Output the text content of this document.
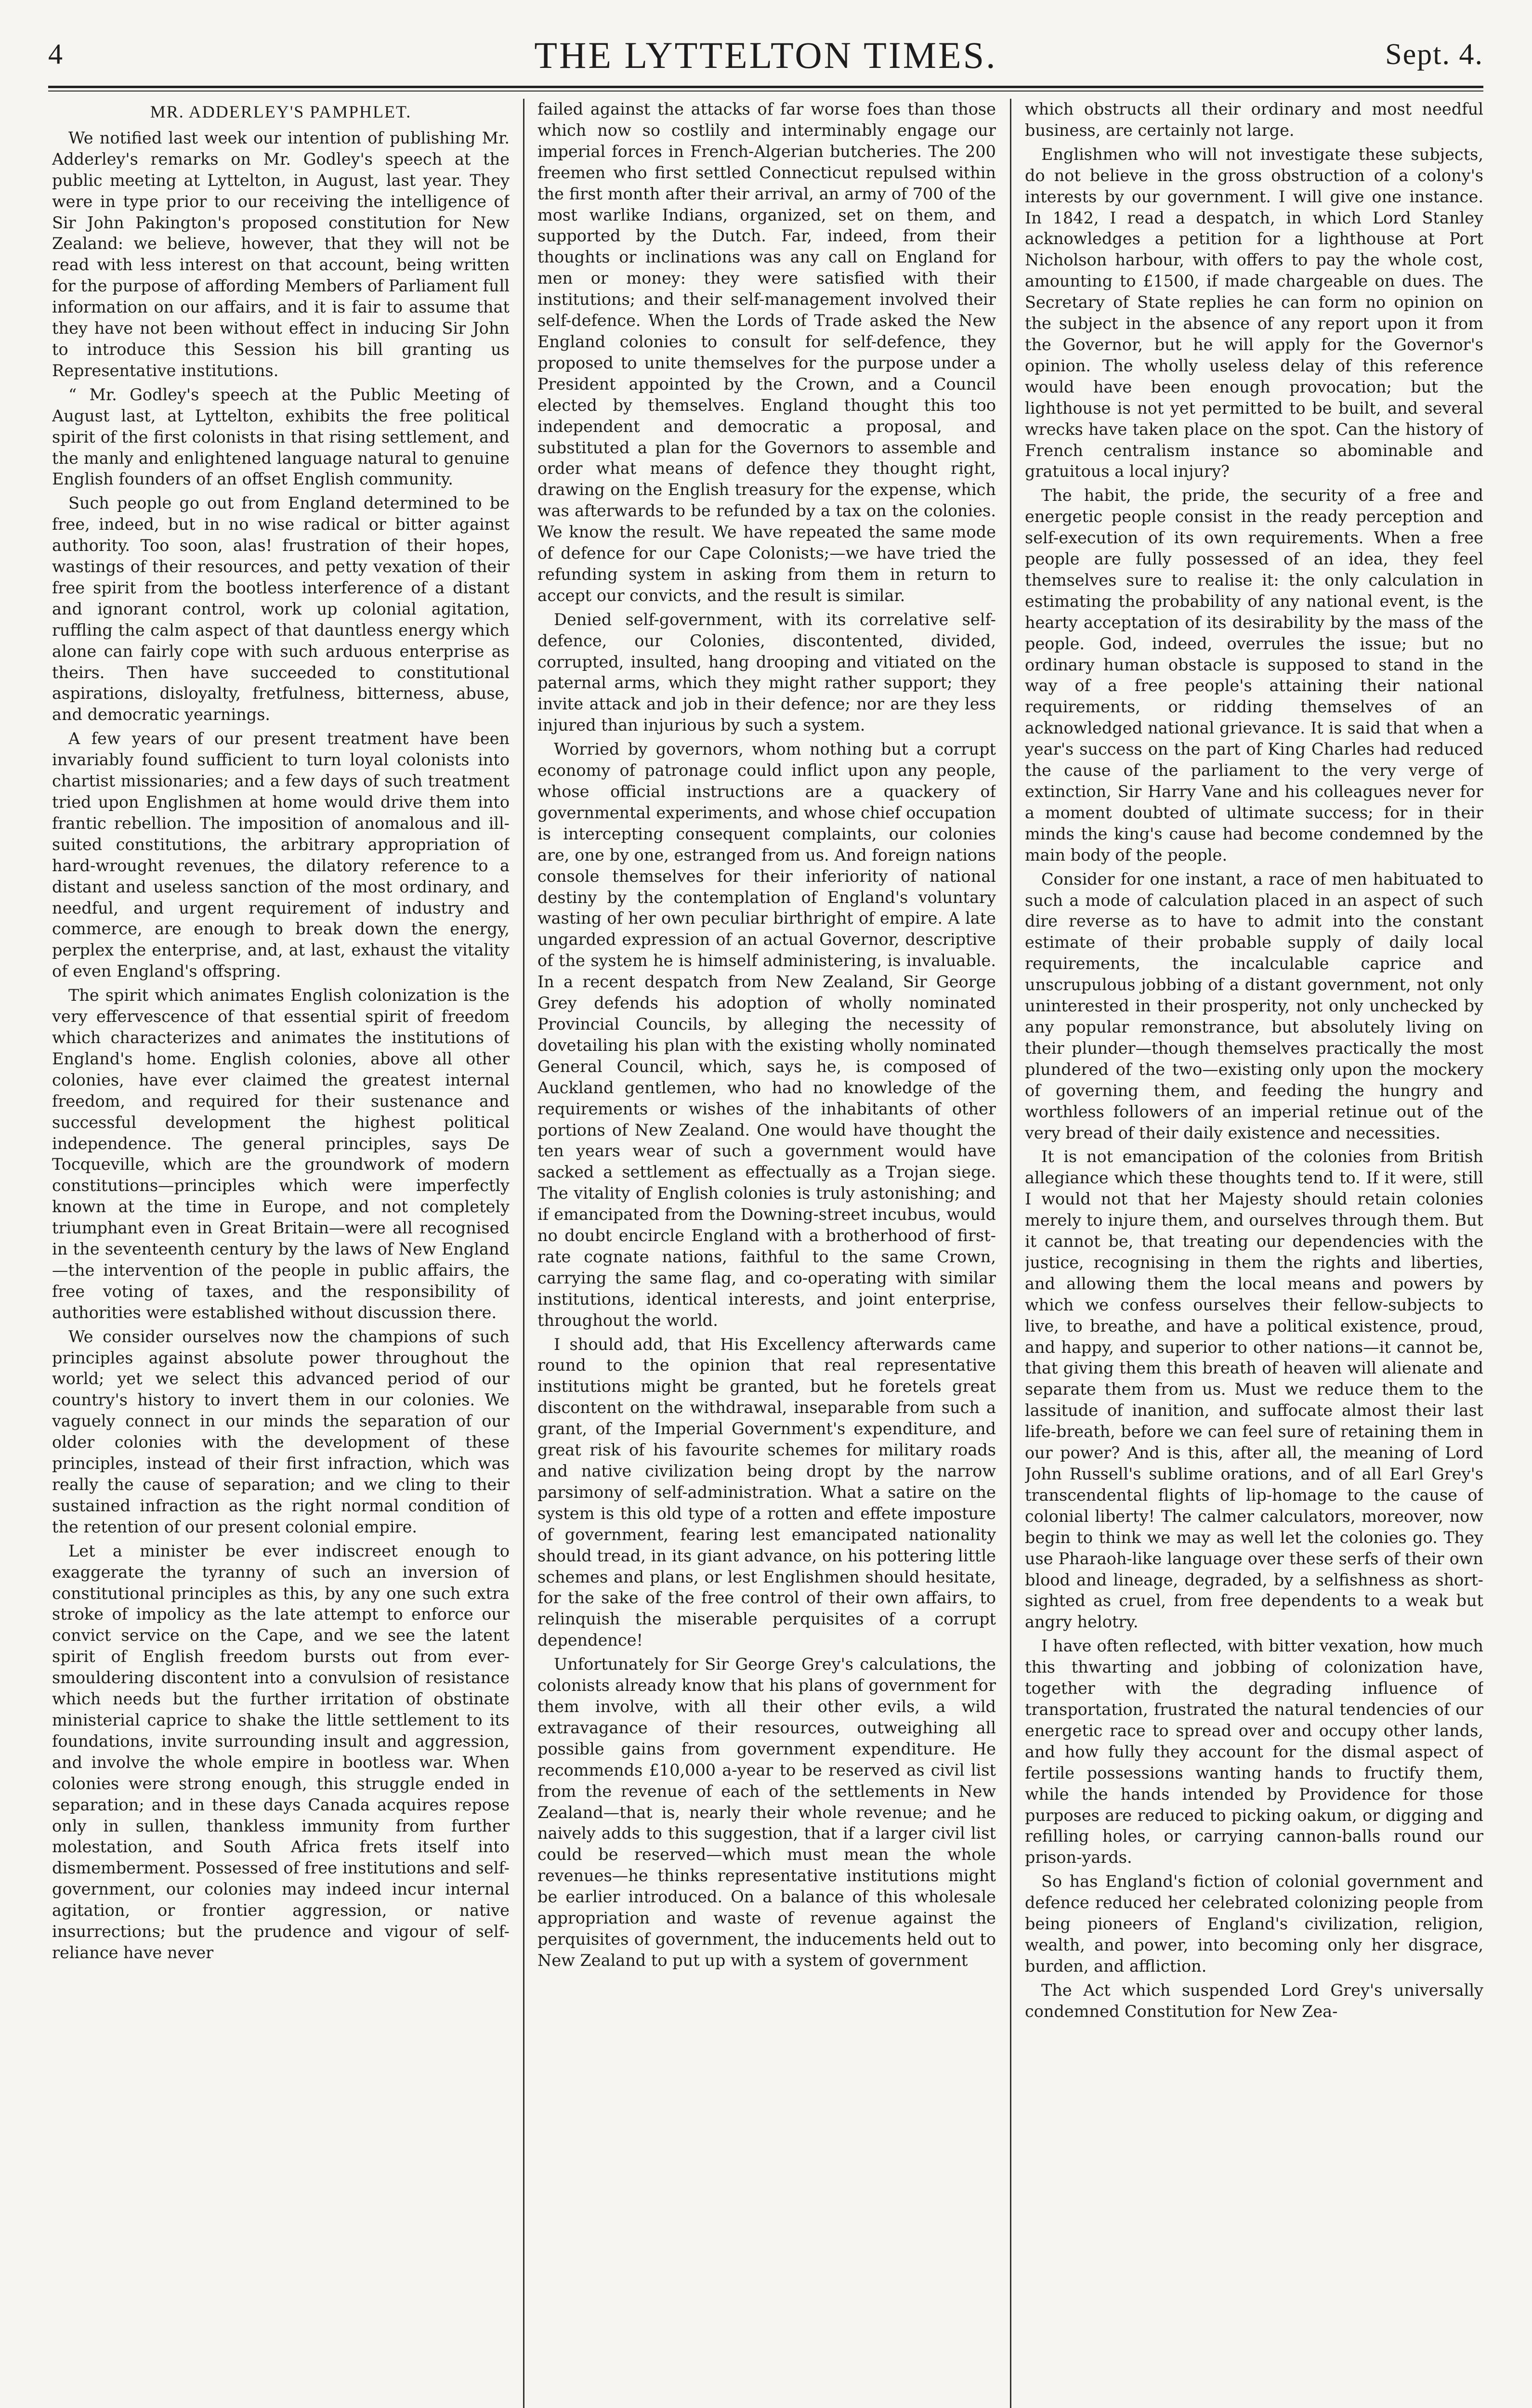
4	THE LYTTELTON TIMES.	Sept. 4.
MR. ADDERLEY'S PAMPHLET.

We notified last week our intention of publishing Mr. Adderley's remarks on Mr. Godley's speech at the public meeting at Lyttelton, in August, last year. They were in type prior to our receiving the intelligence of Sir John Pakington's proposed constitution for New Zealand: we believe, however, that they will not be read with less interest on that account, being written for the purpose of affording Members of Parliament full information on our affairs, and it is fair to assume that they have not been without effect in inducing Sir John to introduce this Session his bill granting us Representative institutions.

“ Mr. Godley's speech at the Public Meeting of August last, at Lyttelton, exhibits the free political spirit of the first colonists in that rising settlement, and the manly and enlightened language natural to genuine English founders of an offset English community.

Such people go out from England determined to be free, indeed, but in no wise radical or bitter against authority. Too soon, alas! frustration of their hopes, wastings of their resources, and petty vexation of their free spirit from the bootless interference of a distant and ignorant control, work up colonial agitation, ruffling the calm aspect of that dauntless energy which alone can fairly cope with such arduous enterprise as theirs. Then have succeeded to constitutional aspirations, disloyalty, fretfulness, bitterness, abuse, and democratic yearnings.

A few years of our present treatment have been invariably found sufficient to turn loyal colonists into chartist missionaries; and a few days of such treatment tried upon Englishmen at home would drive them into frantic rebellion. The imposition of anomalous and ill-suited constitutions, the arbitrary appropriation of hard-wrought revenues, the dilatory reference to a distant and useless sanction of the most ordinary, and needful, and urgent requirement of industry and commerce, are enough to break down the energy, perplex the enterprise, and, at last, exhaust the vitality of even England's offspring.

The spirit which animates English colonization is the very effervescence of that essential spirit of freedom which characterizes and animates the institutions of England's home. English colonies, above all other colonies, have ever claimed the greatest internal freedom, and required for their sustenance and successful development the highest political independence. The general principles, says De Tocqueville, which are the groundwork of modern constitutions—principles which were imperfectly known at the time in Europe, and not completely triumphant even in Great Britain—were all recognised in the seventeenth century by the laws of New England—the intervention of the people in public affairs, the free voting of taxes, and the responsibility of authorities were established without discussion there.

We consider ourselves now the champions of such principles against absolute power throughout the world; yet we select this advanced period of our country's history to invert them in our colonies. We vaguely connect in our minds the separation of our older colonies with the development of these principles, instead of their first infraction, which was really the cause of separation; and we cling to their sustained infraction as the right normal condition of the retention of our present colonial empire.

Let a minister be ever indiscreet enough to exaggerate the tyranny of such an inversion of constitutional principles as this, by any one such extra stroke of impolicy as the late attempt to enforce our convict service on the Cape, and we see the latent spirit of English freedom bursts out from ever-smouldering discontent into a convulsion of resistance which needs but the further irritation of obstinate ministerial caprice to shake the little settlement to its foundations, invite surrounding insult and aggression, and involve the whole empire in bootless war. When colonies were strong enough, this struggle ended in separation; and in these days Canada acquires repose only in sullen, thankless immunity from further molestation, and South Africa frets itself into dismemberment. Possessed of free institutions and self-government, our colonies may indeed incur internal agitation, or frontier aggression, or native insurrections; but the prudence and vigour of self-reliance have never

failed against the attacks of far worse foes than those which now so costlily and interminably engage our imperial forces in French-Algerian butcheries. The 200 freemen who first settled Connecticut repulsed within the first month after their arrival, an army of 700 of the most warlike Indians, organized, set on them, and supported by the Dutch. Far, indeed, from their thoughts or inclinations was any call on England for men or money: they were satisfied with their institutions; and their self-management involved their self-defence. When the Lords of Trade asked the New England colonies to consult for self-defence, they proposed to unite themselves for the purpose under a President appointed by the Crown, and a Council elected by themselves. England thought this too independent and democratic a proposal, and substituted a plan for the Governors to assemble and order what means of defence they thought right, drawing on the English treasury for the expense, which was afterwards to be refunded by a tax on the colonies. We know the result. We have repeated the same mode of defence for our Cape Colonists;—we have tried the refunding system in asking from them in return to accept our convicts, and the result is similar.

Denied self-government, with its correlative self-defence, our Colonies, discontented, divided, corrupted, insulted, hang drooping and vitiated on the paternal arms, which they might rather support; they invite attack and job in their defence; nor are they less injured than injurious by such a system.

Worried by governors, whom nothing but a corrupt economy of patronage could inflict upon any people, whose official instructions are a quackery of governmental experiments, and whose chief occupation is intercepting consequent complaints, our colonies are, one by one, estranged from us. And foreign nations console themselves for their inferiority of national destiny by the contemplation of England's voluntary wasting of her own peculiar birthright of empire. A late ungarded expression of an actual Governor, descriptive of the system he is himself administering, is invaluable. In a recent despatch from New Zealand, Sir George Grey defends his adoption of wholly nominated Provincial Councils, by alleging the necessity of dovetailing his plan with the existing wholly nominated General Council, which, says he, is composed of Auckland gentlemen, who had no knowledge of the requirements or wishes of the inhabitants of other portions of New Zealand. One would have thought the ten years wear of such a government would have sacked a settlement as effectually as a Trojan siege. The vitality of English colonies is truly astonishing; and if emancipated from the Downing-street incubus, would no doubt encircle England with a brotherhood of first-rate cognate nations, faithful to the same Crown, carrying the same flag, and co-operating with similar institutions, identical interests, and joint enterprise, throughout the world.

I should add, that His Excellency afterwards came round to the opinion that real representative institutions might be granted, but he foretels great discontent on the withdrawal, inseparable from such a grant, of the Imperial Government's expenditure, and great risk of his favourite schemes for military roads and native civilization being dropt by the narrow parsimony of self-administration. What a satire on the system is this old type of a rotten and effete imposture of government, fearing lest emancipated nationality should tread, in its giant advance, on his pottering little schemes and plans, or lest Englishmen should hesitate, for the sake of the free control of their own affairs, to relinquish the miserable perquisites of a corrupt dependence!

Unfortunately for Sir George Grey's calculations, the colonists already know that his plans of government for them involve, with all their other evils, a wild extravagance of their resources, outweighing all possible gains from government expenditure. He recommends £10,000 a-year to be reserved as civil list from the revenue of each of the settlements in New Zealand—that is, nearly their whole revenue; and he naively adds to this suggestion, that if a larger civil list could be reserved—which must mean the whole revenues—he thinks representative institutions might be earlier introduced. On a balance of this wholesale appropriation and waste of revenue against the perquisites of government, the inducements held out to New Zealand to put up with a system of government

which obstructs all their ordinary and most needful business, are certainly not large.

Englishmen who will not investigate these subjects, do not believe in the gross obstruction of a colony's interests by our government. I will give one instance. In 1842, I read a despatch, in which Lord Stanley acknowledges a petition for a lighthouse at Port Nicholson harbour, with offers to pay the whole cost, amounting to £1500, if made chargeable on dues. The Secretary of State replies he can form no opinion on the subject in the absence of any report upon it from the Governor, but he will apply for the Governor's opinion. The wholly useless delay of this reference would have been enough provocation; but the lighthouse is not yet permitted to be built, and several wrecks have taken place on the spot. Can the history of French centralism instance so abominable and gratuitous a local injury?

The habit, the pride, the security of a free and energetic people consist in the ready perception and self-execution of its own requirements. When a free people are fully possessed of an idea, they feel themselves sure to realise it: the only calculation in estimating the probability of any national event, is the hearty acceptation of its desirability by the mass of the people. God, indeed, overrules the issue; but no ordinary human obstacle is supposed to stand in the way of a free people's attaining their national requirements, or ridding themselves of an acknowledged national grievance. It is said that when a year's success on the part of King Charles had reduced the cause of the parliament to the very verge of extinction, Sir Harry Vane and his colleagues never for a moment doubted of ultimate success; for in their minds the king's cause had become condemned by the main body of the people.

Consider for one instant, a race of men habituated to such a mode of calculation placed in an aspect of such dire reverse as to have to admit into the constant estimate of their probable supply of daily local requirements, the incalculable caprice and unscrupulous jobbing of a distant government, not only uninterested in their prosperity, not only unchecked by any popular remonstrance, but absolutely living on their plunder—though themselves practically the most plundered of the two—existing only upon the mockery of governing them, and feeding the hungry and worthless followers of an imperial retinue out of the very bread of their daily existence and necessities.

It is not emancipation of the colonies from British allegiance which these thoughts tend to. If it were, still I would not that her Majesty should retain colonies merely to injure them, and ourselves through them. But it cannot be, that treating our dependencies with the justice, recognising in them the rights and liberties, and allowing them the local means and powers by which we confess ourselves their fellow-subjects to live, to breathe, and have a political existence, proud, and happy, and superior to other nations—it cannot be, that giving them this breath of heaven will alienate and separate them from us. Must we reduce them to the lassitude of inanition, and suffocate almost their last life-breath, before we can feel sure of retaining them in our power? And is this, after all, the meaning of Lord John Russell's sublime orations, and of all Earl Grey's transcendental flights of lip-homage to the cause of colonial liberty! The calmer calculators, moreover, now begin to think we may as well let the colonies go. They use Pharaoh-like language over these serfs of their own blood and lineage, degraded, by a selfishness as short-sighted as cruel, from free dependents to a weak but angry helotry.

I have often reflected, with bitter vexation, how much this thwarting and jobbing of colonization have, together with the degrading influence of transportation, frustrated the natural tendencies of our energetic race to spread over and occupy other lands, and how fully they account for the dismal aspect of fertile possessions wanting hands to fructify them, while the hands intended by Providence for those purposes are reduced to picking oakum, or digging and refilling holes, or carrying cannon-balls round our prison-yards.

So has England's fiction of colonial government and defence reduced her celebrated colonizing people from being pioneers of England's civilization, religion, wealth, and power, into becoming only her disgrace, burden, and affliction.

The Act which suspended Lord Grey's universally condemned Constitution for New Zea-
